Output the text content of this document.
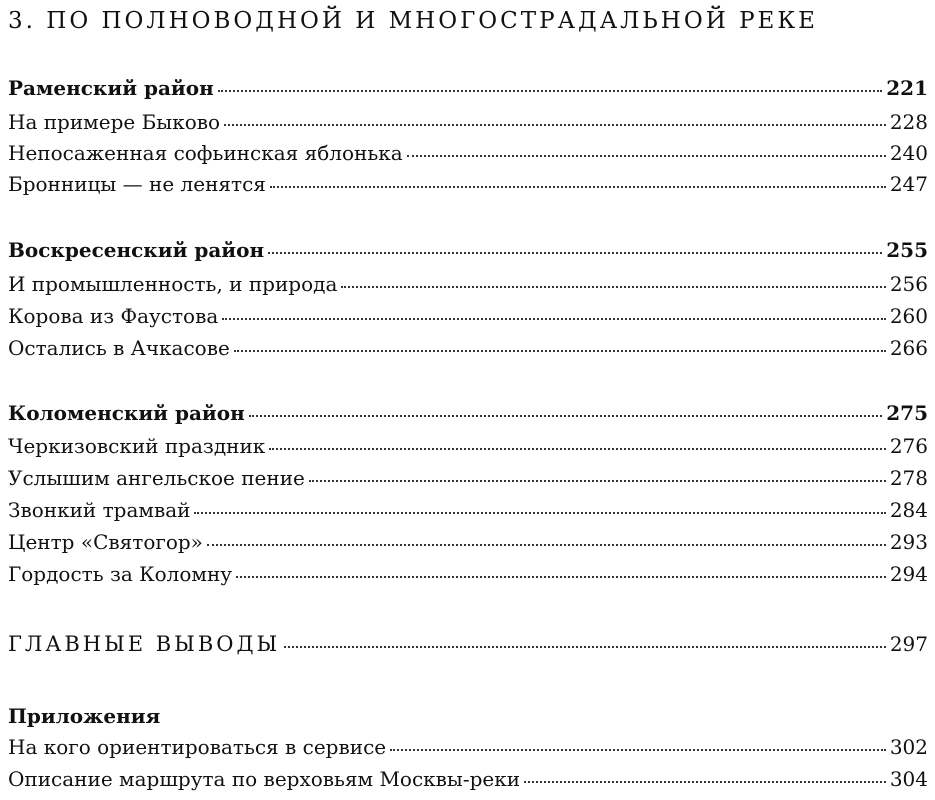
3. ПО ПОЛНОВОДНОЙ И МНОГОСТРАДАЛЬНОЙ РЕКЕ
Раменский район	221
На примере Быково	228
Непосаженная софьинская яблонька	240
Бронницы — не ленятся	247
Воскресенский район	255
И промышленность, и природа	256
Корова из Фаустова	260
Остались в Ачкасове	266
Коломенский район	275
Черкизовский праздник	276
Услышим ангельское пение	278
Звонкий трамвай	284
Центр «Святогор»	293
Гордость за Коломну	294
ГЛАВНЫЕ ВЫВОДЫ	297
Приложения
На кого ориентироваться в сервисе	302
Описание маршрута по верховьям Москвы-реки	304
